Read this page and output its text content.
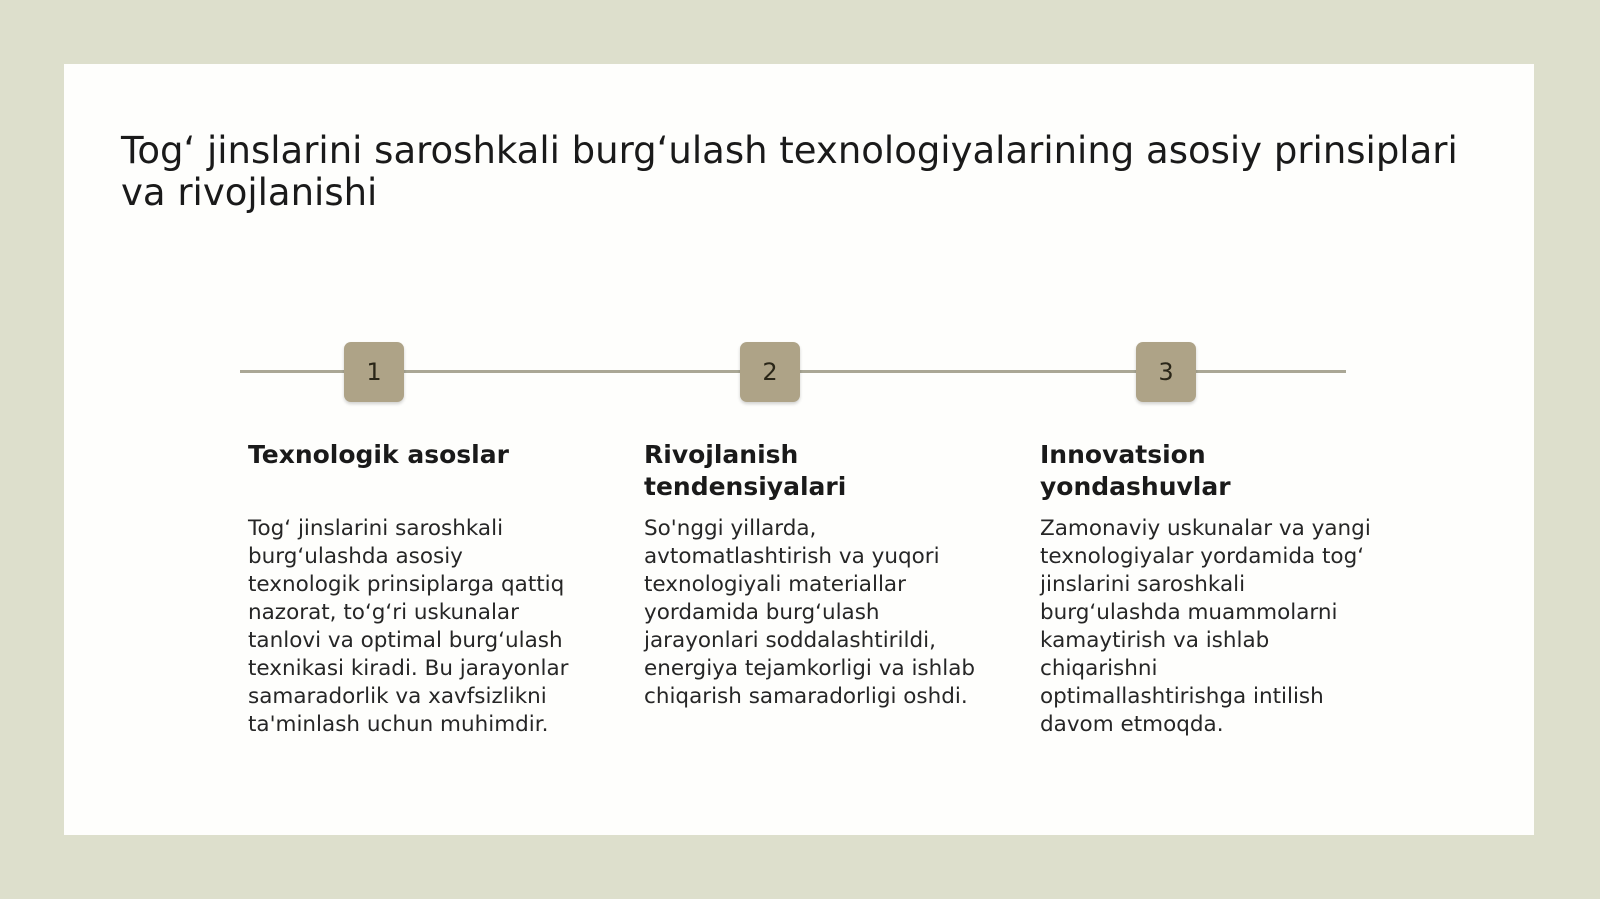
Tog‘ jinslarini saroshkali burg‘ulash texnologiyalarining asosiy prinsiplari va rivojlanishi
1	2	3
Texnologik asoslar

Tog‘ jinslarini saroshkali
burg‘ulashda asosiy
texnologik prinsiplarga qattiq
nazorat, to‘g‘ri uskunalar
tanlovi va optimal burg‘ulash
texnikasi kiradi. Bu jarayonlar
samaradorlik va xavfsizlikni
ta'minlash uchun muhimdir.

Rivojlanish
tendensiyalari

So'nggi yillarda,
avtomatlashtirish va yuqori
texnologiyali materiallar
yordamida burg‘ulash
jarayonlari soddalashtirildi,
energiya tejamkorligi va ishlab
chiqarish samaradorligi oshdi.

Innovatsion
yondashuvlar

Zamonaviy uskunalar va yangi
texnologiyalar yordamida tog‘
jinslarini saroshkali
burg‘ulashda muammolarni
kamaytirish va ishlab
chiqarishni
optimallashtirishga intilish
davom etmoqda.
